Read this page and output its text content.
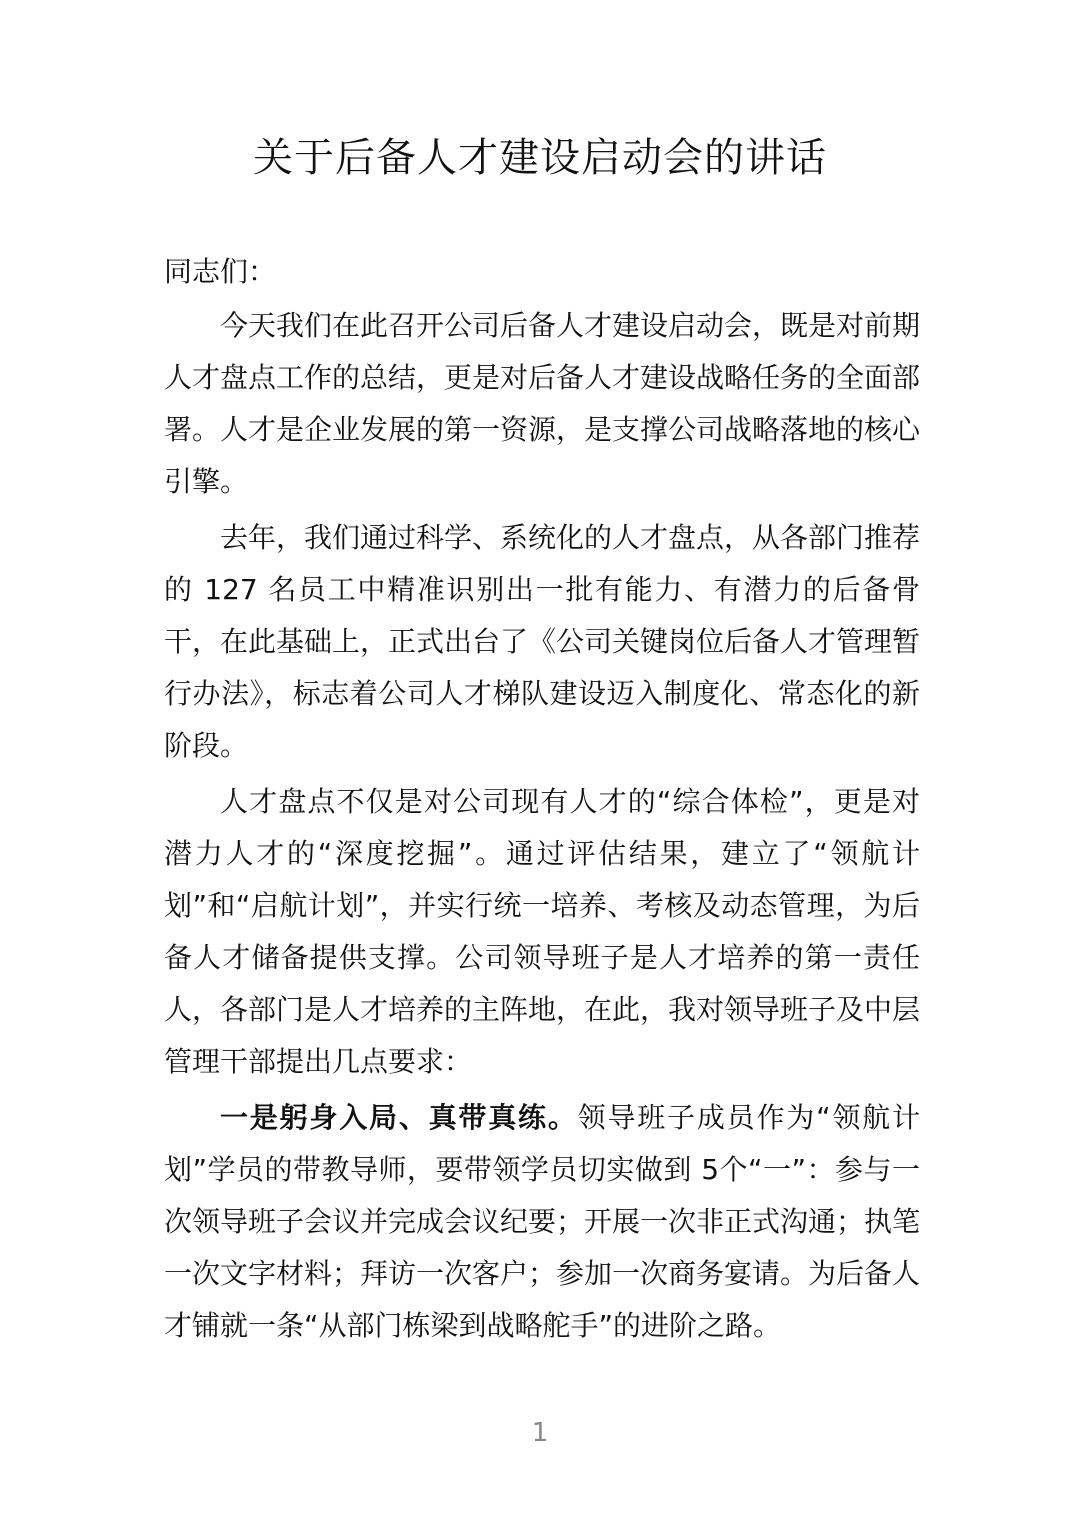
关于后备人才建设启动会的讲话

同志们：

今天我们在此召开公司后备人才建设启动会，既是对前期人才盘点工作的总结，更是对后备人才建设战略任务的全面部署。人才是企业发展的第一资源，是支撑公司战略落地的核心引擎。

去年，我们通过科学、系统化的人才盘点，从各部门推荐的 127 名员工中精准识别出一批有能力、有潜力的后备骨干，在此基础上，正式出台了《公司关键岗位后备人才管理暂行办法》，标志着公司人才梯队建设迈入制度化、常态化的新阶段。

人才盘点不仅是对公司现有人才的“综合体检”，更是对潜力人才的“深度挖掘”。通过评估结果，建立了“领航计划”和“启航计划”，并实行统一培养、考核及动态管理，为后备人才储备提供支撑。公司领导班子是人才培养的第一责任人，各部门是人才培养的主阵地，在此，我对领导班子及中层管理干部提出几点要求：

一是躬身入局、真带真练。领导班子成员作为“领航计划”学员的带教导师，要带领学员切实做到 5个“一”：参与一次领导班子会议并完成会议纪要；开展一次非正式沟通；执笔一次文字材料；拜访一次客户；参加一次商务宴请。为后备人才铺就一条“从部门栋梁到战略舵手”的进阶之路。

1
